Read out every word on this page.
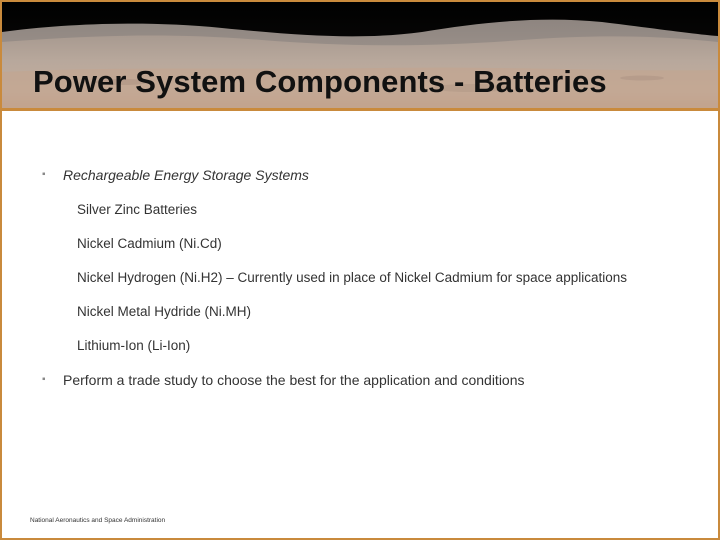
Power System Components - Batteries
▪ Rechargeable Energy Storage Systems
Silver Zinc Batteries
Nickel Cadmium (Ni.Cd)
Nickel Hydrogen (Ni.H2) – Currently used in place of Nickel Cadmium for space applications
Nickel Metal Hydride (Ni.MH)
Lithium-Ion (Li-Ion)
▪ Perform a trade study to choose the best for the application and conditions
National Aeronautics and Space Administration
